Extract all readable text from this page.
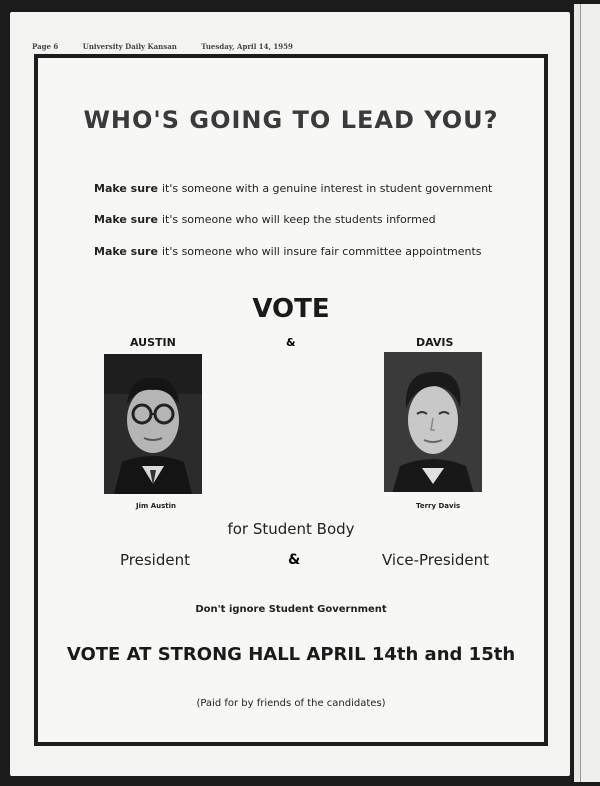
Page 6	University Daily Kansan	Tuesday, April 14, 1959
WHO'S GOING TO LEAD YOU?
Make sure it's someone with a genuine interest in student government
Make sure it's someone who will keep the students informed
Make sure it's someone who will insure fair committee appointments
VOTE
AUSTIN	&	DAVIS
Jim Austin	Terry Davis
for Student Body
President	&	Vice-President
Don't ignore Student Government
VOTE AT STRONG HALL APRIL 14th and 15th
(Paid for by friends of the candidates)
